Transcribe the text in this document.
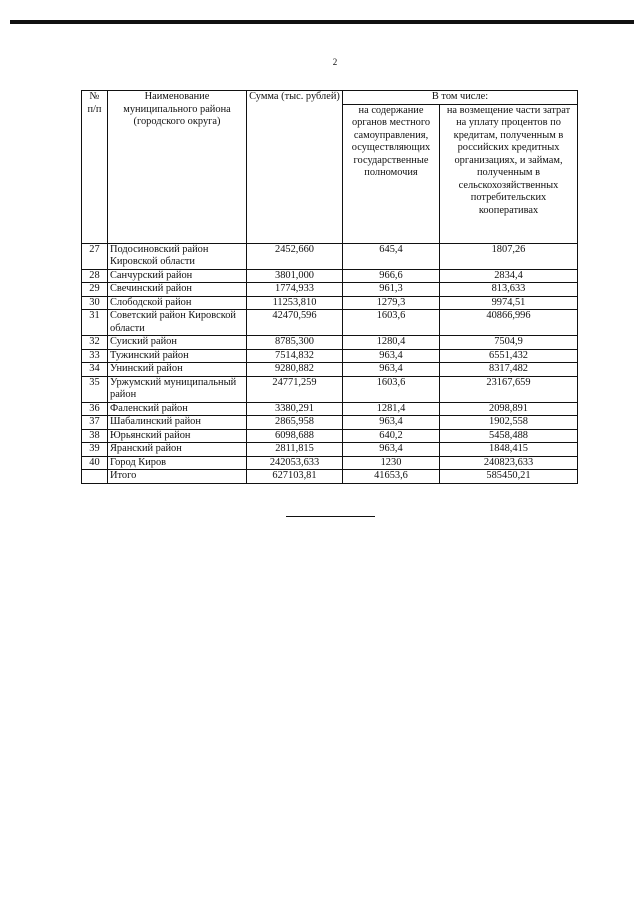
2
№
п/п	Наименование муниципального района (городского округа)	Сумма (тыс. рублей)	В том числе:	
			на содержание органов местного самоуправления, осуществляющих государственные полномочия	на возмещение части затрат на уплату процентов по кредитам, полученным в российских кредитных организациях, и займам, полученным в сельскохозяйственных потребительских кооперативах
27	Подосиновский район Кировской области	2452,660	645,4	1807,26
28	Санчурский район	3801,000	966,6	2834,4
29	Свечинский район	1774,933	961,3	813,633
30	Слободской район	11253,810	1279,3	9974,51
31	Советский район Кировской области	42470,596	1603,6	40866,996
32	Суиский район	8785,300	1280,4	7504,9
33	Тужинский район	7514,832	963,4	6551,432
34	Унинский район	9280,882	963,4	8317,482
35	Уржумский муниципальный район	24771,259	1603,6	23167,659
36	Фаленский район	3380,291	1281,4	2098,891
37	Шабалинский район	2865,958	963,4	1902,558
38	Юрьянский район	6098,688	640,2	5458,488
39	Яранский район	2811,815	963,4	1848,415
40	Город Киров	242053,633	1230	240823,633
	Итого	627103,81	41653,6	585450,21
